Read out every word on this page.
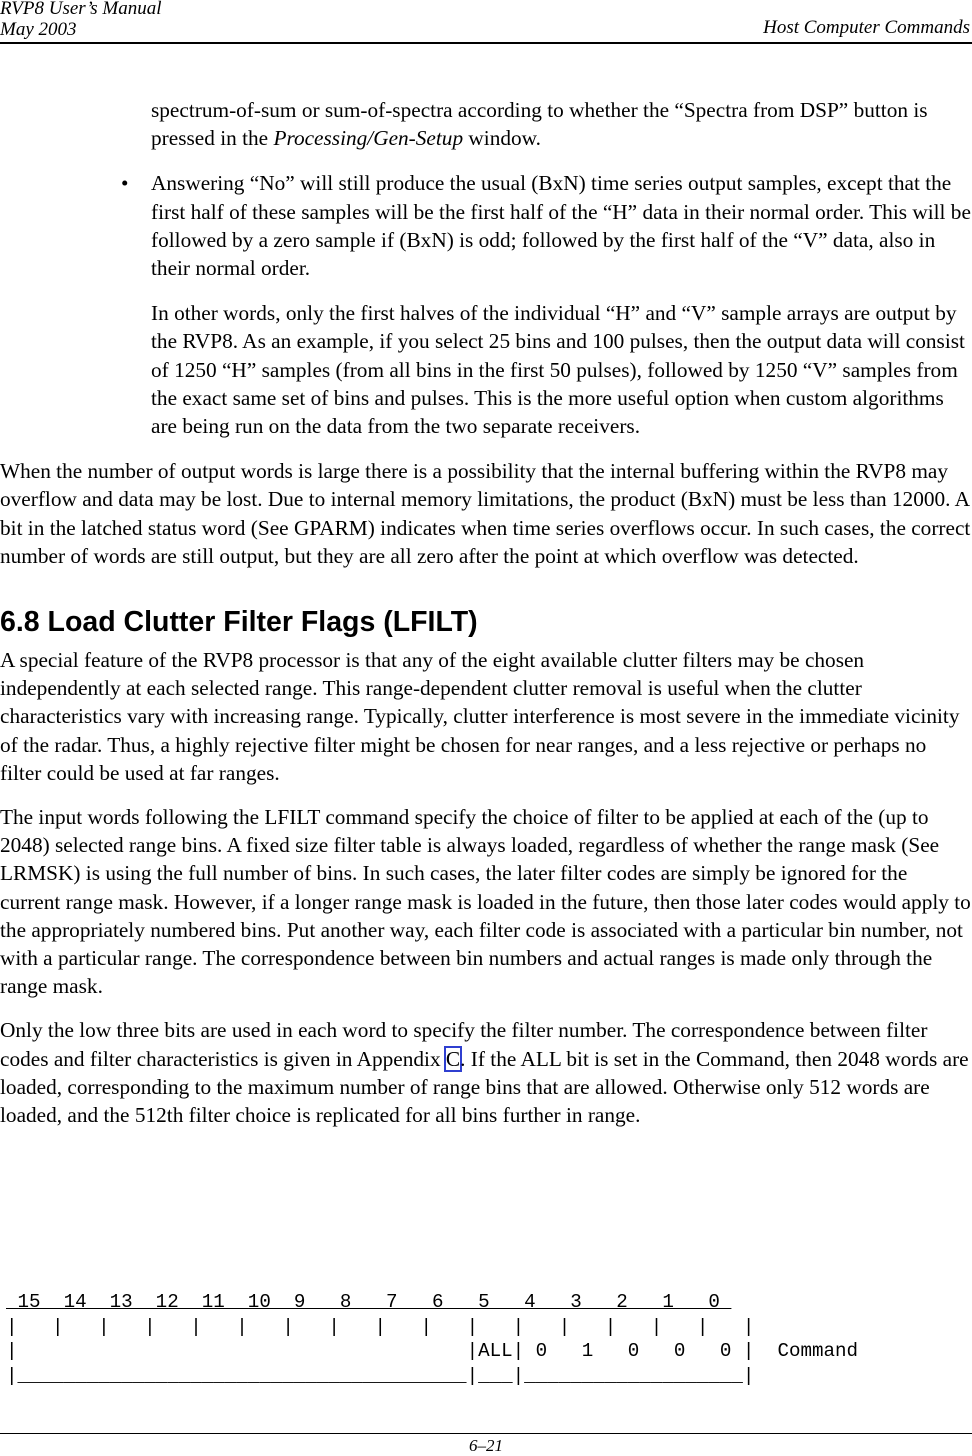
RVP8 User’s Manual
May 2003	Host Computer Commands

spectrum-of-sum or sum-of-spectra according to whether the “Spectra from DSP” button is pressed in the Processing/Gen-Setup window.

• Answering “No” will still produce the usual (BxN) time series output samples, except that the first half of these samples will be the first half of the “H” data in their normal order. This will be followed by a zero sample if (BxN) is odd; followed by the first half of the “V” data, also in their normal order.

In other words, only the first halves of the individual “H” and “V” sample arrays are output by the RVP8. As an example, if you select 25 bins and 100 pulses, then the output data will consist of 1250 “H” samples (from all bins in the first 50 pulses), followed by 1250 “V” samples from the exact same set of bins and pulses. This is the more useful option when custom algorithms are being run on the data from the two separate receivers.

When the number of output words is large there is a possibility that the internal buffering within the RVP8 may overflow and data may be lost. Due to internal memory limitations, the product (BxN) must be less than 12000. A bit in the latched status word (See GPARM) indicates when time series overflows occur. In such cases, the correct number of words are still output, but they are all zero after the point at which overflow was detected.

6.8 Load Clutter Filter Flags (LFILT)

A special feature of the RVP8 processor is that any of the eight available clutter filters may be chosen independently at each selected range. This range-dependent clutter removal is useful when the clutter characteristics vary with increasing range. Typically, clutter interference is most severe in the immediate vicinity of the radar. Thus, a highly rejective filter might be chosen for near ranges, and a less rejective or perhaps no filter could be used at far ranges.

The input words following the LFILT command specify the choice of filter to be applied at each of the (up to 2048) selected range bins. A fixed size filter table is always loaded, regardless of whether the range mask (See LRMSK) is using the full number of bins. In such cases, the later filter codes are simply be ignored for the current range mask. However, if a longer range mask is loaded in the future, then those later codes would apply to the appropriately numbered bins. Put another way, each filter code is associated with a particular bin number, not with a particular range. The correspondence between bin numbers and actual ranges is made only through the range mask.

Only the low three bits are used in each word to specify the filter number. The correspondence between filter codes and filter characteristics is given in Appendix C. If the ALL bit is set in the Command, then 2048 words are loaded, corresponding to the maximum number of range bins that are allowed. Otherwise only 512 words are loaded, and the 512th filter choice is replicated for all bins further in range.

15  14  13  12  11  10  9   8   7   6   5   4   3   2   1   0
|   |   |   |   |   |   |   |   |   |   |   |   |   |   |   |   |
|                                       |ALL| 0   1   0   0   0 |  Command
|_______________________________________|___|___________________|
6–21
